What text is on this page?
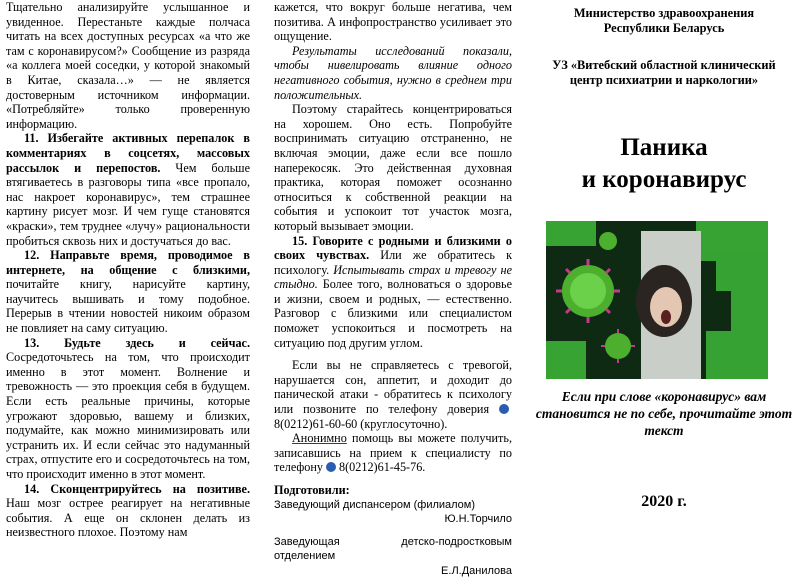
Тщательно анализируйте услышанное и увиденное. Перестаньте каждые полчаса читать на всех доступных ресурсах «а что же там с коронавирусом?» Сообщение из разряда «а коллега моей соседки, у которой знакомый в Китае, сказала…» — не является достоверным источником информации. «Потребляйте» только проверенную информацию.

11. Избегайте активных перепалок в комментариях в соцсетях, массовых рассылок и перепостов. Чем больше втягиваетесь в разговоры типа «все пропало, нас накроет коронавирус», тем страшнее картину рисует мозг. И чем гуще становятся «краски», тем труднее «лучу» рациональности пробиться сквозь них и достучаться до вас.

12. Направьте время, проводимое в интернете, на общение с близкими, почитайте книгу, нарисуйте картину, научитесь вышивать и тому подобное. Перерыв в чтении новостей никоим образом не повлияет на саму ситуацию.

13. Будьте здесь и сейчас. Сосредоточьтесь на том, что происходит именно в этот момент. Волнение и тревожность — это проекция себя в будущем. Если есть реальные причины, которые угрожают здоровью, вашему и близких, подумайте, как можно минимизировать или устранить их. И если сейчас это надуманный страх, отпустите его и сосредоточьтесь на том, что происходит именно в этот момент.

14. Сконцентрируйтесь на позитиве. Наш мозг острее реагирует на негативные события. А еще он склонен делать из неизвестного плохое. Поэтому нам

кажется, что вокруг больше негатива, чем позитива. А инфопространство усиливает это ощущение.

Результаты исследований показали, чтобы нивелировать влияние одного негативного события, нужно в среднем три положительных.

Поэтому старайтесь концентрироваться на хорошем. Оно есть. Попробуйте воспринимать ситуацию отстраненно, не включая эмоции, даже если все пошло наперекосяк. Это действенная духовная практика, которая поможет осознанно относиться к собственной реакции на события и успокоит тот участок мозга, который вызывает эмоции.

15. Говорите с родными и близкими о своих чувствах. Или же обратитесь к психологу. Испытывать страх и тревогу не стыдно. Более того, волноваться о здоровье и жизни, своем и родных, — естественно. Разговор с близкими или специалистом поможет успокоиться и посмотреть на ситуацию под другим углом.

Если вы не справляетесь с тревогой, нарушается сон, аппетит, и доходит до панической атаки - обратитесь к психологу или позвоните по телефону доверия 8(0212)61-60-60 (круглосуточно).

Анонимно помощь вы можете получить, записавшись на прием к специалисту по телефону 8(0212)61-45-76.

Подготовили:

Заведующий диспансером (филиалом)

Ю.Н.Торчило

Заведующая детско-подростковым отделением

Е.Л.Данилова

Министерство здравоохранения
Республики Беларусь
УЗ «Витебский областной клинический
центр психиатрии и наркологии»
Паника
и коронавирус
Если при слове «коронавирус» вам становится не по себе, прочитайте этот текст
2020 г.
